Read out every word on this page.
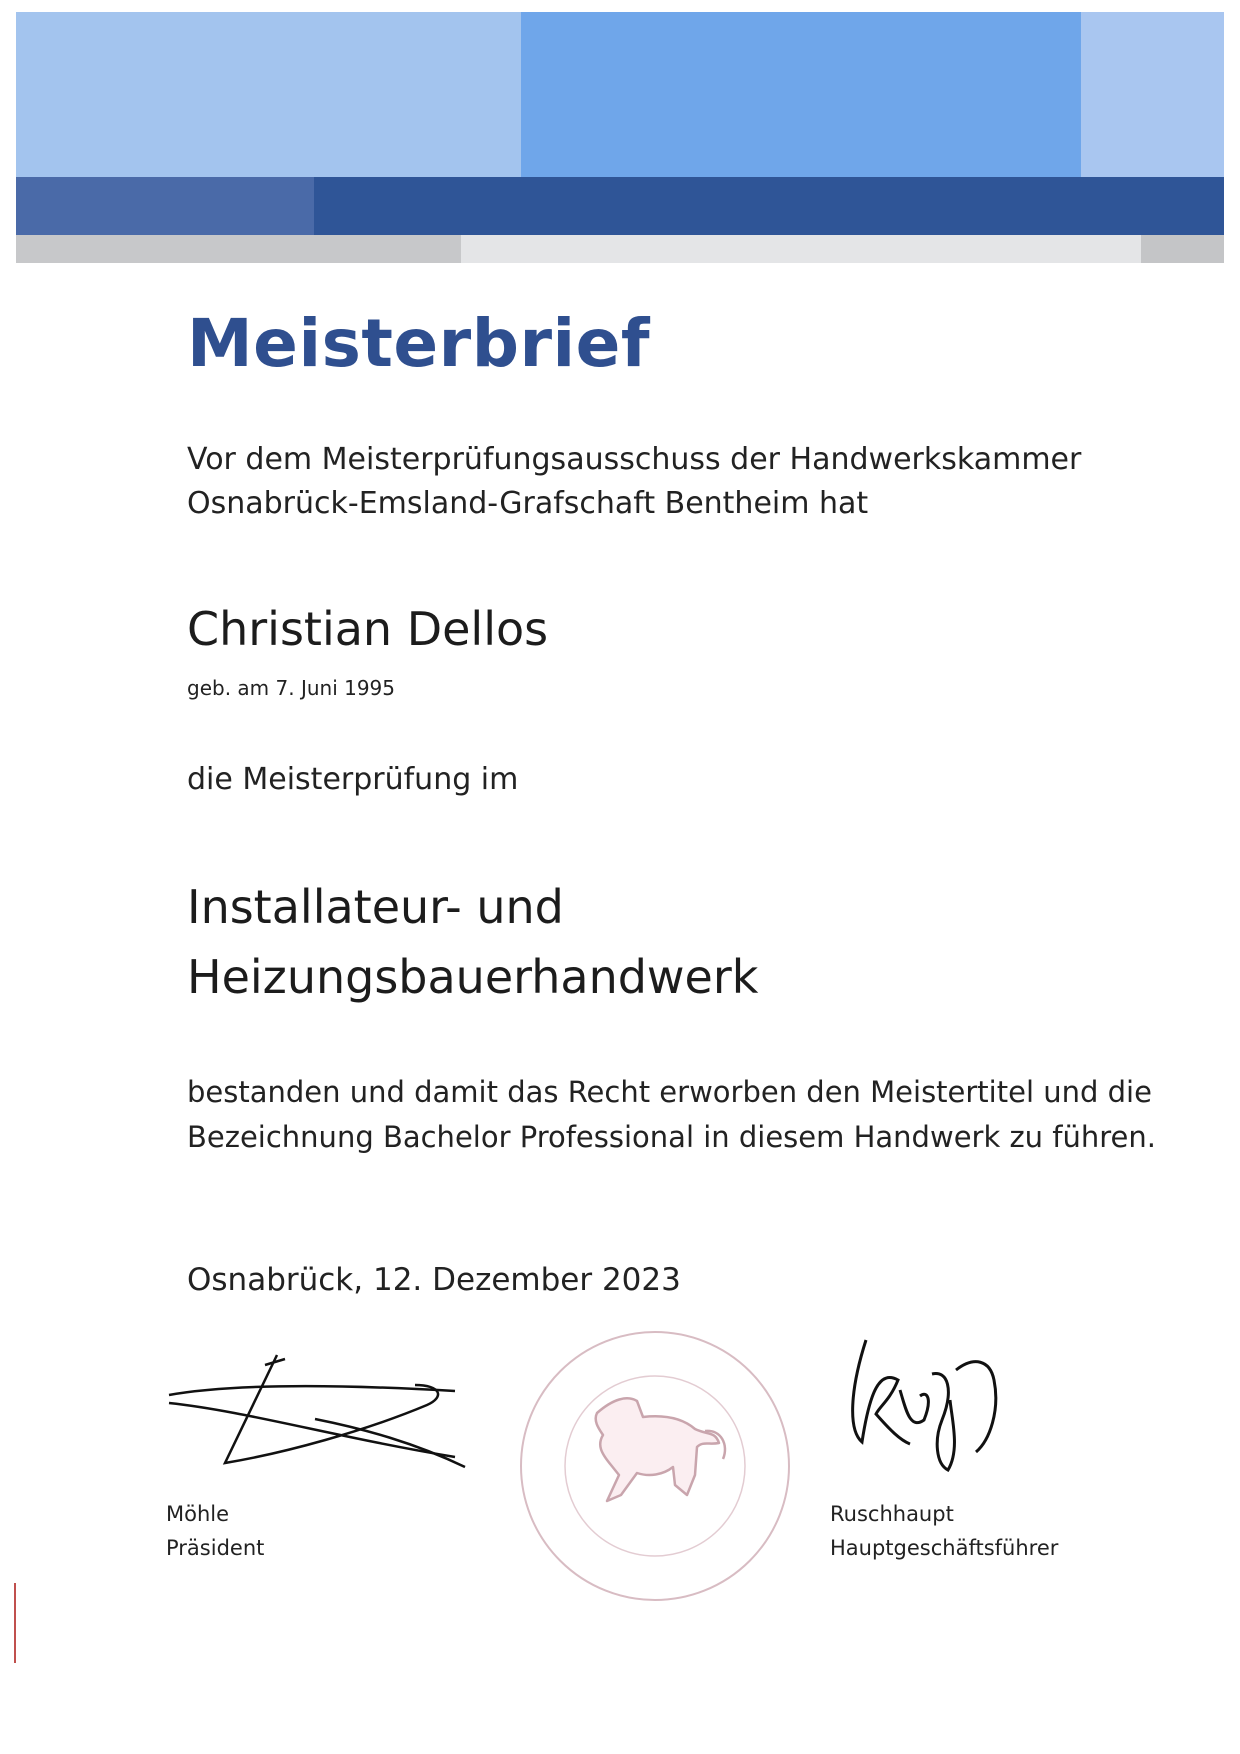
Meisterbrief
Vor dem Meisterprüfungsausschuss der Handwerkskammer
Osnabrück-Emsland-Grafschaft Bentheim hat
Christian Dellos
geb. am 7. Juni 1995
die Meisterprüfung im
Installateur- und
Heizungsbauerhandwerk
bestanden und damit das Recht erworben den Meistertitel und die
Bezeichnung Bachelor Professional in diesem Handwerk zu führen.
Osnabrück, 12. Dezember 2023
Möhle
Präsident
Ruschhaupt
Hauptgeschäftsführer
